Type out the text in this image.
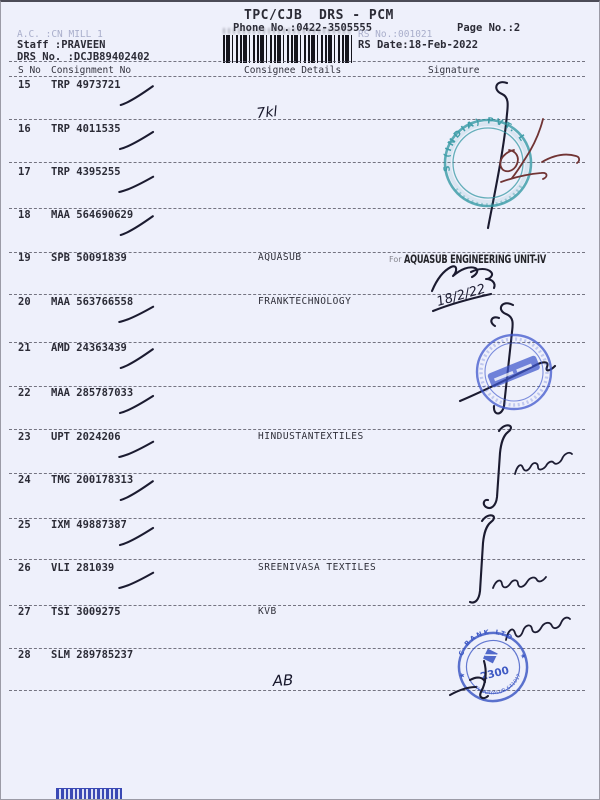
TPC/CJB  DRS - PCM
Phone No.:0422-3505555	Page No.:2
A.C. :CN MILL 1
Staff :PRAVEEN
DRS No. :DCJB89402402
RS No.:001021
RS Date:18-Feb-2022
S No Consignment No	Consignee Details	Signature
15 TRP 4973721
16 TRP 4011535
17 TRP 4395255
18 MAA 564690629
19 SPB 50091839	AQUASUB
20 MAA 563766558	FRANKTECHNOLOGY
21 AMD 24363439
22 MAA 285787033
23 UPT 2024206	HINDUSTANTEXTILES
24 TMG 200178313
25 IXM 49887387
26 VLI 281039	SREENIVASA TEXTILES
27 TSI 3009275	KVB
28 SLM 289785237
7kl
S (INDIA) PVT. L
For AQUASUB ENGINEERING UNIT-IV
18/2/22
C BANK LTD
THUDIYALUR-641017
★
★
2300
AB
